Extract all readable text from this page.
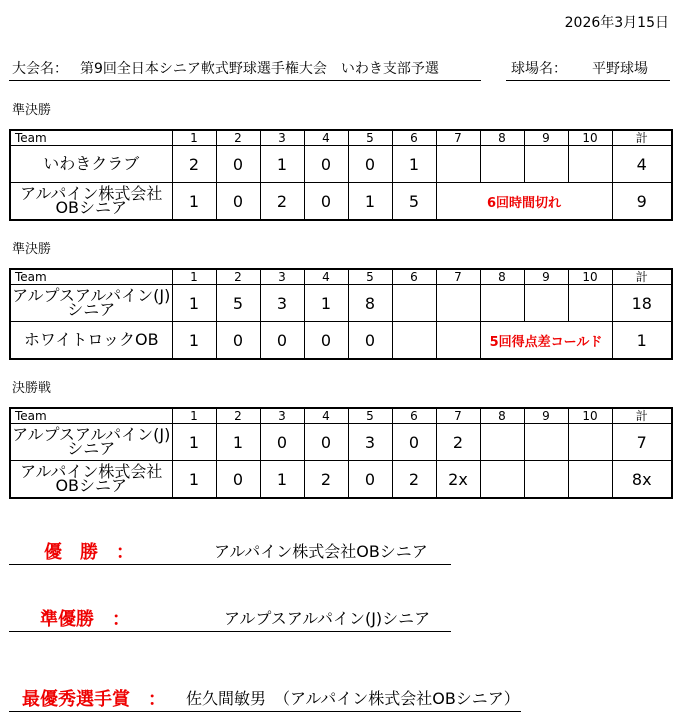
2026年3月15日
大会名： 第9回全日本シニア軟式野球選手権大会　いわき支部予選	球場名： 平野球場
準決勝
Team	1	2	3	4	5	6	7	8	9	10	計
いわきクラブ	2	0	1	0	0	1					4
アルパイン株式会社
OBシニア	1	0	2	0	1	5	6回時間切れ				9
準決勝
Team	1	2	3	4	5	6	7	8	9	10	計
アルプスアルパイン(J)シニア	1	5	3	1	8						18
ホワイトロックOB	1	0	0	0	0			5回得点差コールド			1
決勝戦
Team	1	2	3	4	5	6	7	8	9	10	計
アルプスアルパイン(J)シニア	1	1	0	0	3	0	2				7
アルパイン株式会社
OBシニア	1	0	1	2	0	2	2x				8x
優　勝　：	アルパイン株式会社OBシニア
準優勝　：	アルプスアルパイン(J)シニア
最優秀選手賞　： 佐久間敏男　（アルパイン株式会社OBシニア）
